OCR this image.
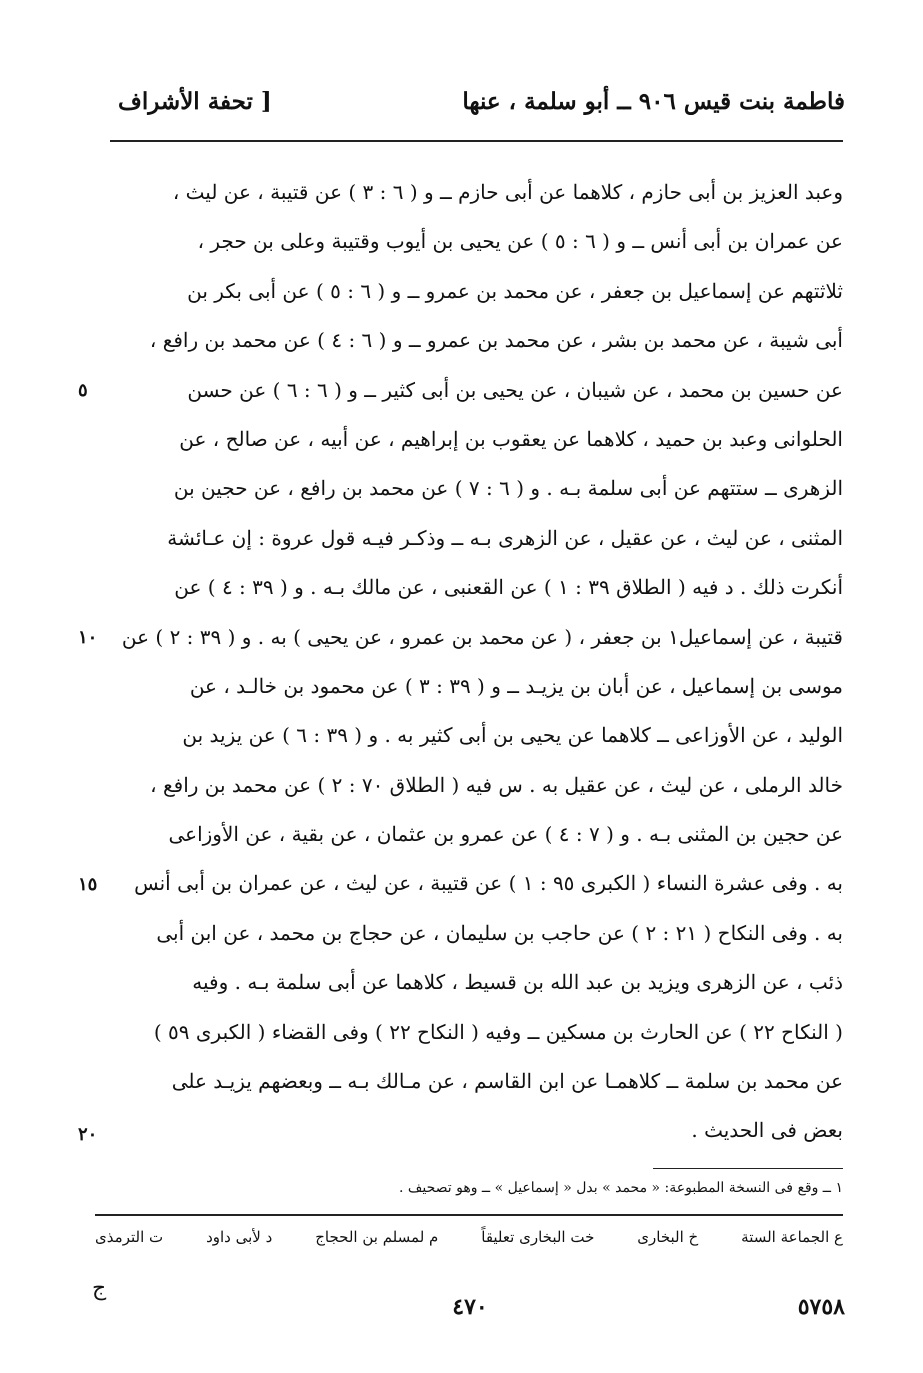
فاطمة بنت قيس ٩٠٦ ــ أبو سلمة ، عنها
[ تحفة الأشراف
وعبد العزيز بن أبى حازم ، كلاهما عن أبى حازم ــ و ( ٦ : ٣ ) عن قتيبة ، عن ليث ،
عن عمران بن أبى أنس ــ و ( ٦ : ٥ ) عن يحيى بن أيوب وقتيبة وعلى بن حجر ،
ثلاثتهم عن إسماعيل بن جعفر ، عن محمد بن عمرو ــ و ( ٦ : ٥ ) عن أبى بكر بن
أبى شيبة ، عن محمد بن بشر ، عن محمد بن عمرو ــ و ( ٦ : ٤ ) عن محمد بن رافع ،
عن حسين بن محمد ، عن شيبان ، عن يحيى بن أبى كثير ــ و ( ٦ : ٦ ) عن حسن
الحلوانى وعبد بن حميد ، كلاهما عن يعقوب بن إبراهيم ، عن أبيه ، عن صالح ، عن
الزهرى ــ ستتهم عن أبى سلمة بـه . و ( ٦ : ٧ ) عن محمد بن رافع ، عن حجين بن
المثنى ، عن ليث ، عن عقيل ، عن الزهرى بـه ــ وذكـر فيـه قول عروة : إن عـائشة
أنكرت ذلك . د فيه ( الطلاق ٣٩ : ١ ) عن القعنبى ، عن مالك بـه . و ( ٣٩ : ٤ ) عن
قتيبة ، عن إسماعيل١ بن جعفر ، ( عن محمد بن عمرو ، عن يحيى ) به . و ( ٣٩ : ٢ ) عن
موسى بن إسماعيل ، عن أبان بن يزيـد ــ و ( ٣٩ : ٣ ) عن محمود بن خالـد ، عن
الوليد ، عن الأوزاعى ــ كلاهما عن يحيى بن أبى كثير به . و ( ٣٩ : ٦ ) عن يزيد بن
خالد الرملى ، عن ليث ، عن عقيل به . س فيه ( الطلاق ٧٠ : ٢ ) عن محمد بن رافع ،
عن حجين بن المثنى بـه . و ( ٧ : ٤ ) عن عمرو بن عثمان ، عن بقية ، عن الأوزاعى
به . وفى عشرة النساء ( الكبرى ٩٥ : ١ ) عن قتيبة ، عن ليث ، عن عمران بن أبى أنس
به . وفى النكاح ( ٢١ : ٢ ) عن حاجب بن سليمان ، عن حجاج بن محمد ، عن ابن أبى
ذئب ، عن الزهرى ويزيد بن عبد الله بن قسيط ، كلاهما عن أبى سلمة بـه . وفيه
( النكاح ٢٢ ) عن الحارث بن مسكين ــ وفيه ( النكاح ٢٢ ) وفى القضاء ( الكبرى ٥٩ )
عن محمد بن سلمة ــ كلاهمـا عن ابن القاسم ، عن مـالك بـه ــ وبعضهم يزيـد على
بعض فى الحديث .
٥
١٠
١٥
٢٠
١ ــ وقع فى النسخة المطبوعة: « محمد » بدل « إسماعيل » ــ وهو تصحيف .
ع الجماعة الستة
خ البخارى
خت البخارى تعليقاً
م لمسلم بن الحجاج
د لأبى داود
ت الترمذى
ج
٤٧٠	٥٧٥٨
